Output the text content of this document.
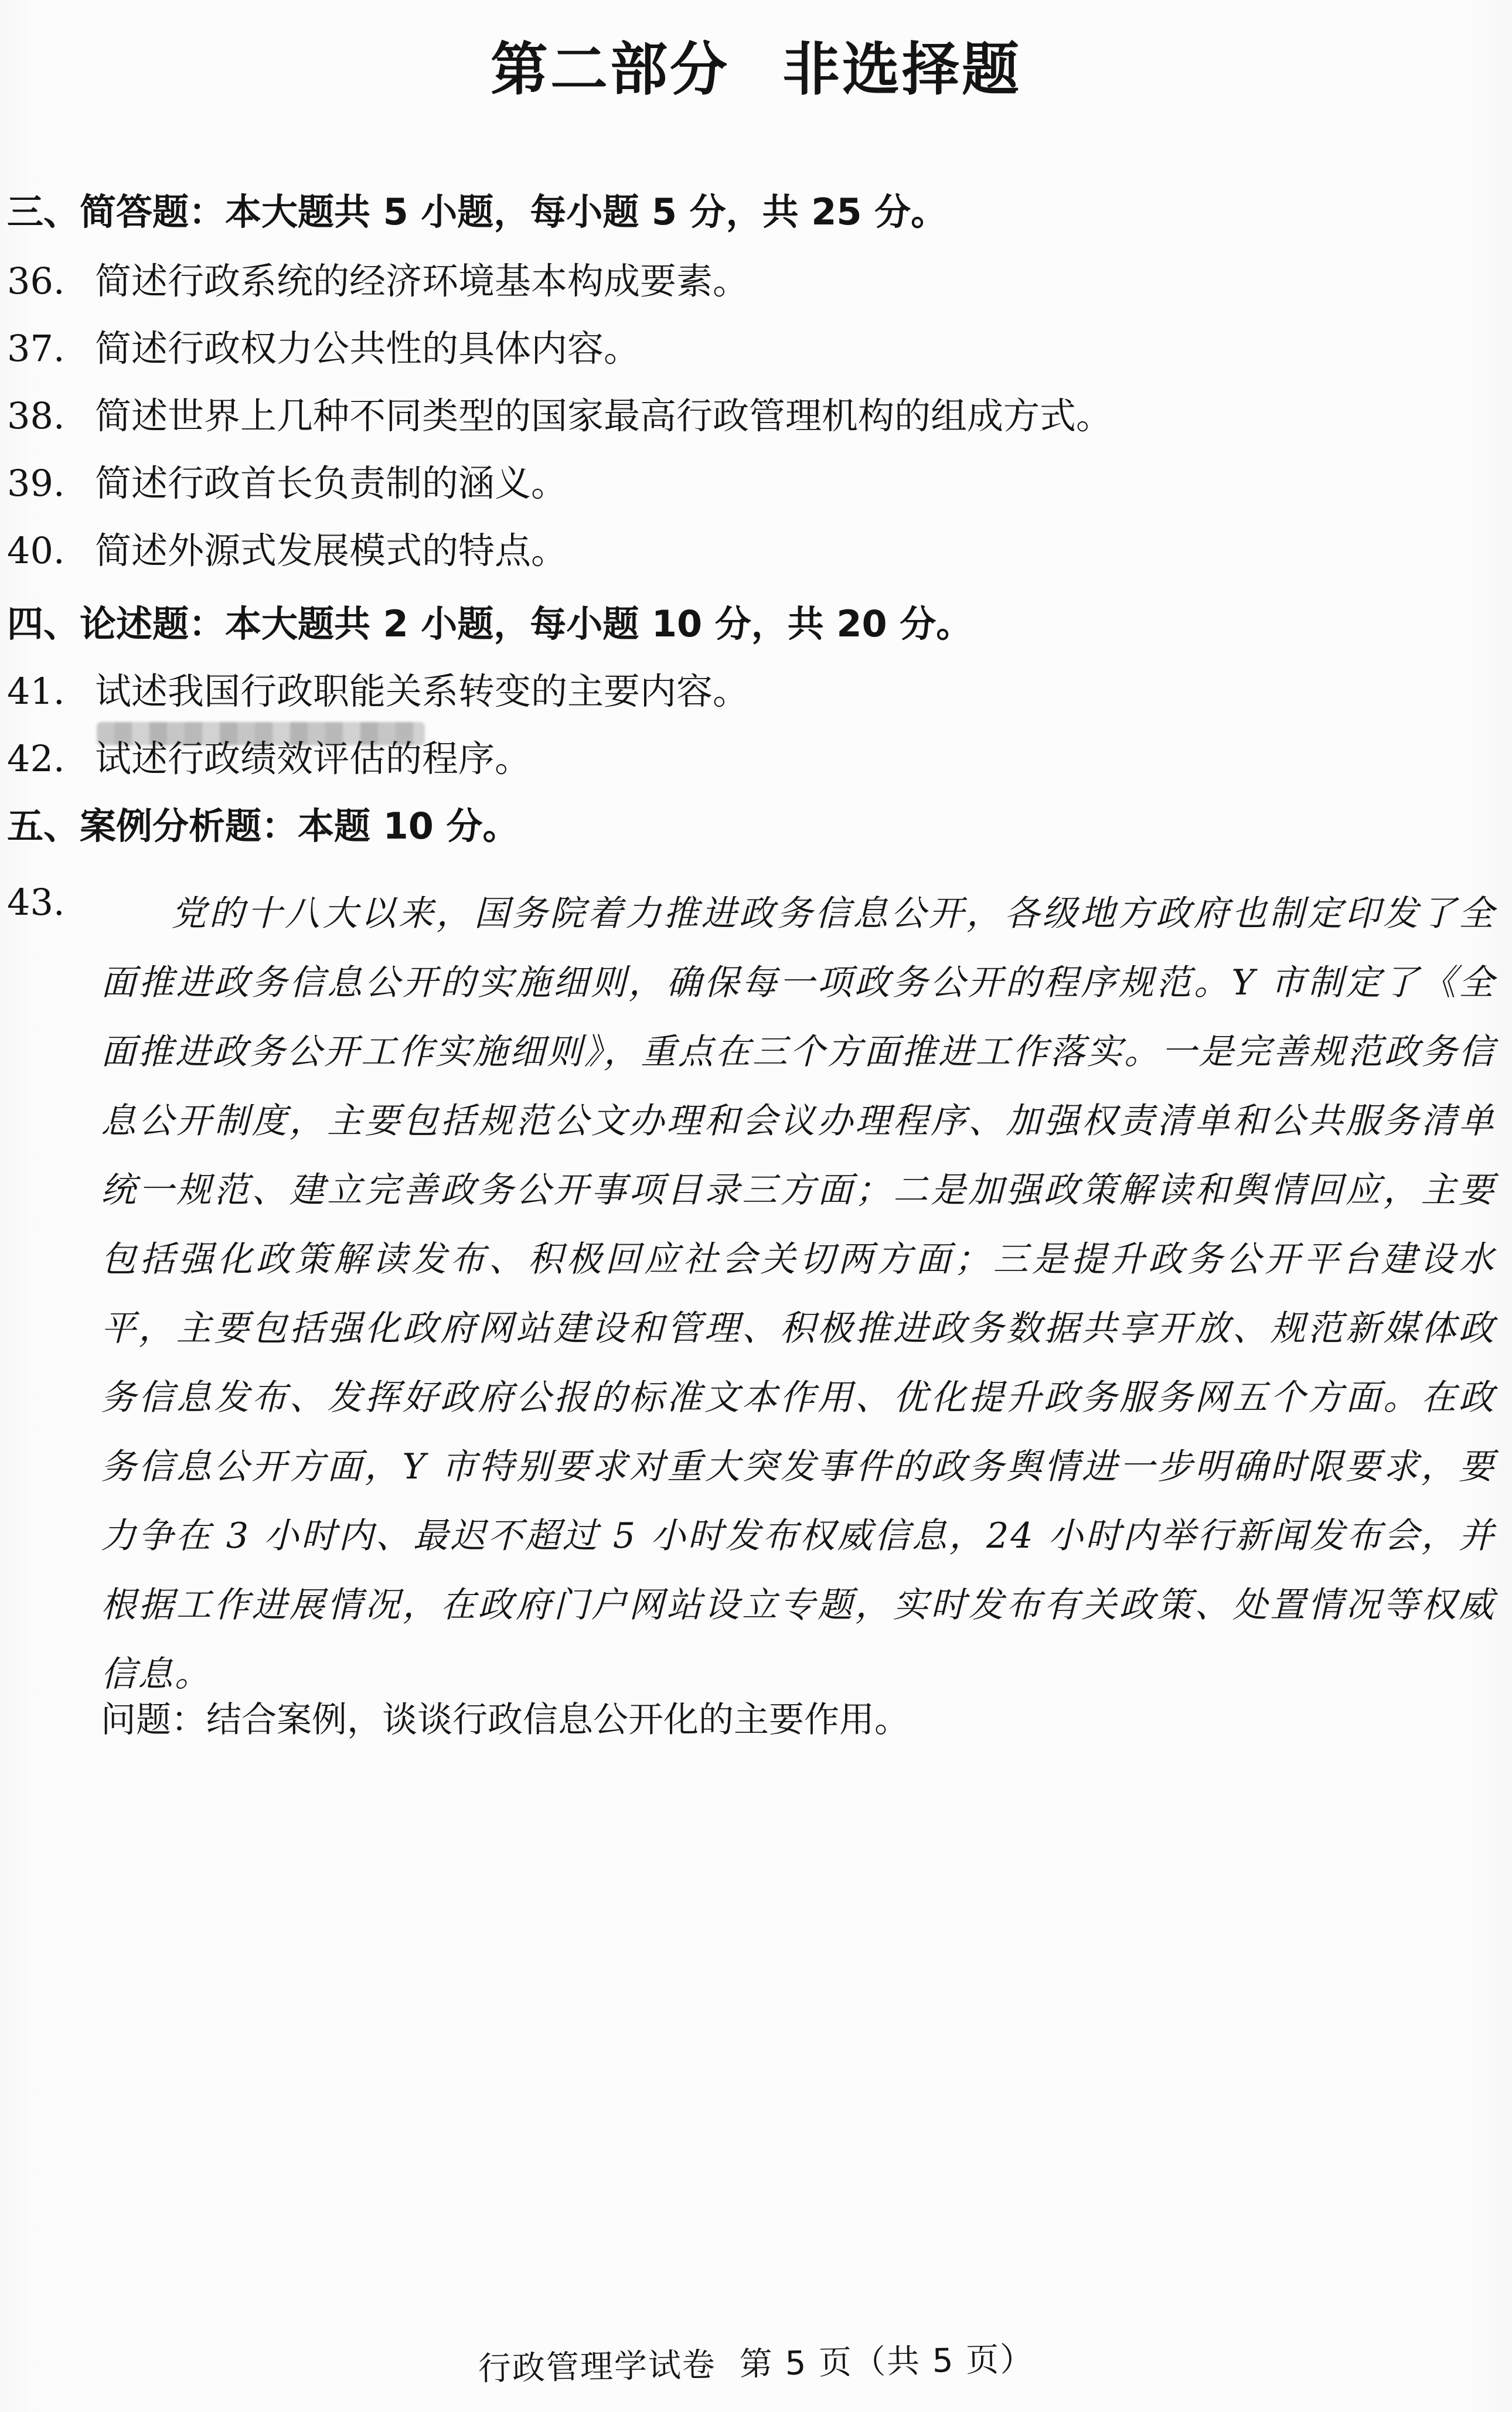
第二部分 非选择题
三、简答题：本大题共 5 小题，每小题 5 分，共 25 分。
36. 简述行政系统的经济环境基本构成要素。
37. 简述行政权力公共性的具体内容。
38. 简述世界上几种不同类型的国家最高行政管理机构的组成方式。
39. 简述行政首长负责制的涵义。
40. 简述外源式发展模式的特点。
四、论述题：本大题共 2 小题，每小题 10 分，共 20 分。
41. 试述我国行政职能关系转变的主要内容。
42. 试述行政绩效评估的程序。
五、案例分析题：本题 10 分。
43.	党的十八大以来，国务院着力推进政务信息公开，各级地方政府也制定印发了全面推进政务信息公开的实施细则，确保每一项政务公开的程序规范。Y 市制定了《全面推进政务公开工作实施细则》，重点在三个方面推进工作落实。一是完善规范政务信息公开制度，主要包括规范公文办理和会议办理程序、加强权责清单和公共服务清单统一规范、建立完善政务公开事项目录三方面；二是加强政策解读和舆情回应，主要包括强化政策解读发布、积极回应社会关切两方面；三是提升政务公开平台建设水平，主要包括强化政府网站建设和管理、积极推进政务数据共享开放、规范新媒体政务信息发布、发挥好政府公报的标准文本作用、优化提升政务服务网五个方面。在政务信息公开方面，Y 市特别要求对重大突发事件的政务舆情进一步明确时限要求，要力争在 3 小时内、最迟不超过 5 小时发布权威信息，24 小时内举行新闻发布会，并根据工作进展情况，在政府门户网站设立专题，实时发布有关政策、处置情况等权威信息。
问题：结合案例，谈谈行政信息公开化的主要作用。
行政管理学试卷 第 5 页（共 5 页）
